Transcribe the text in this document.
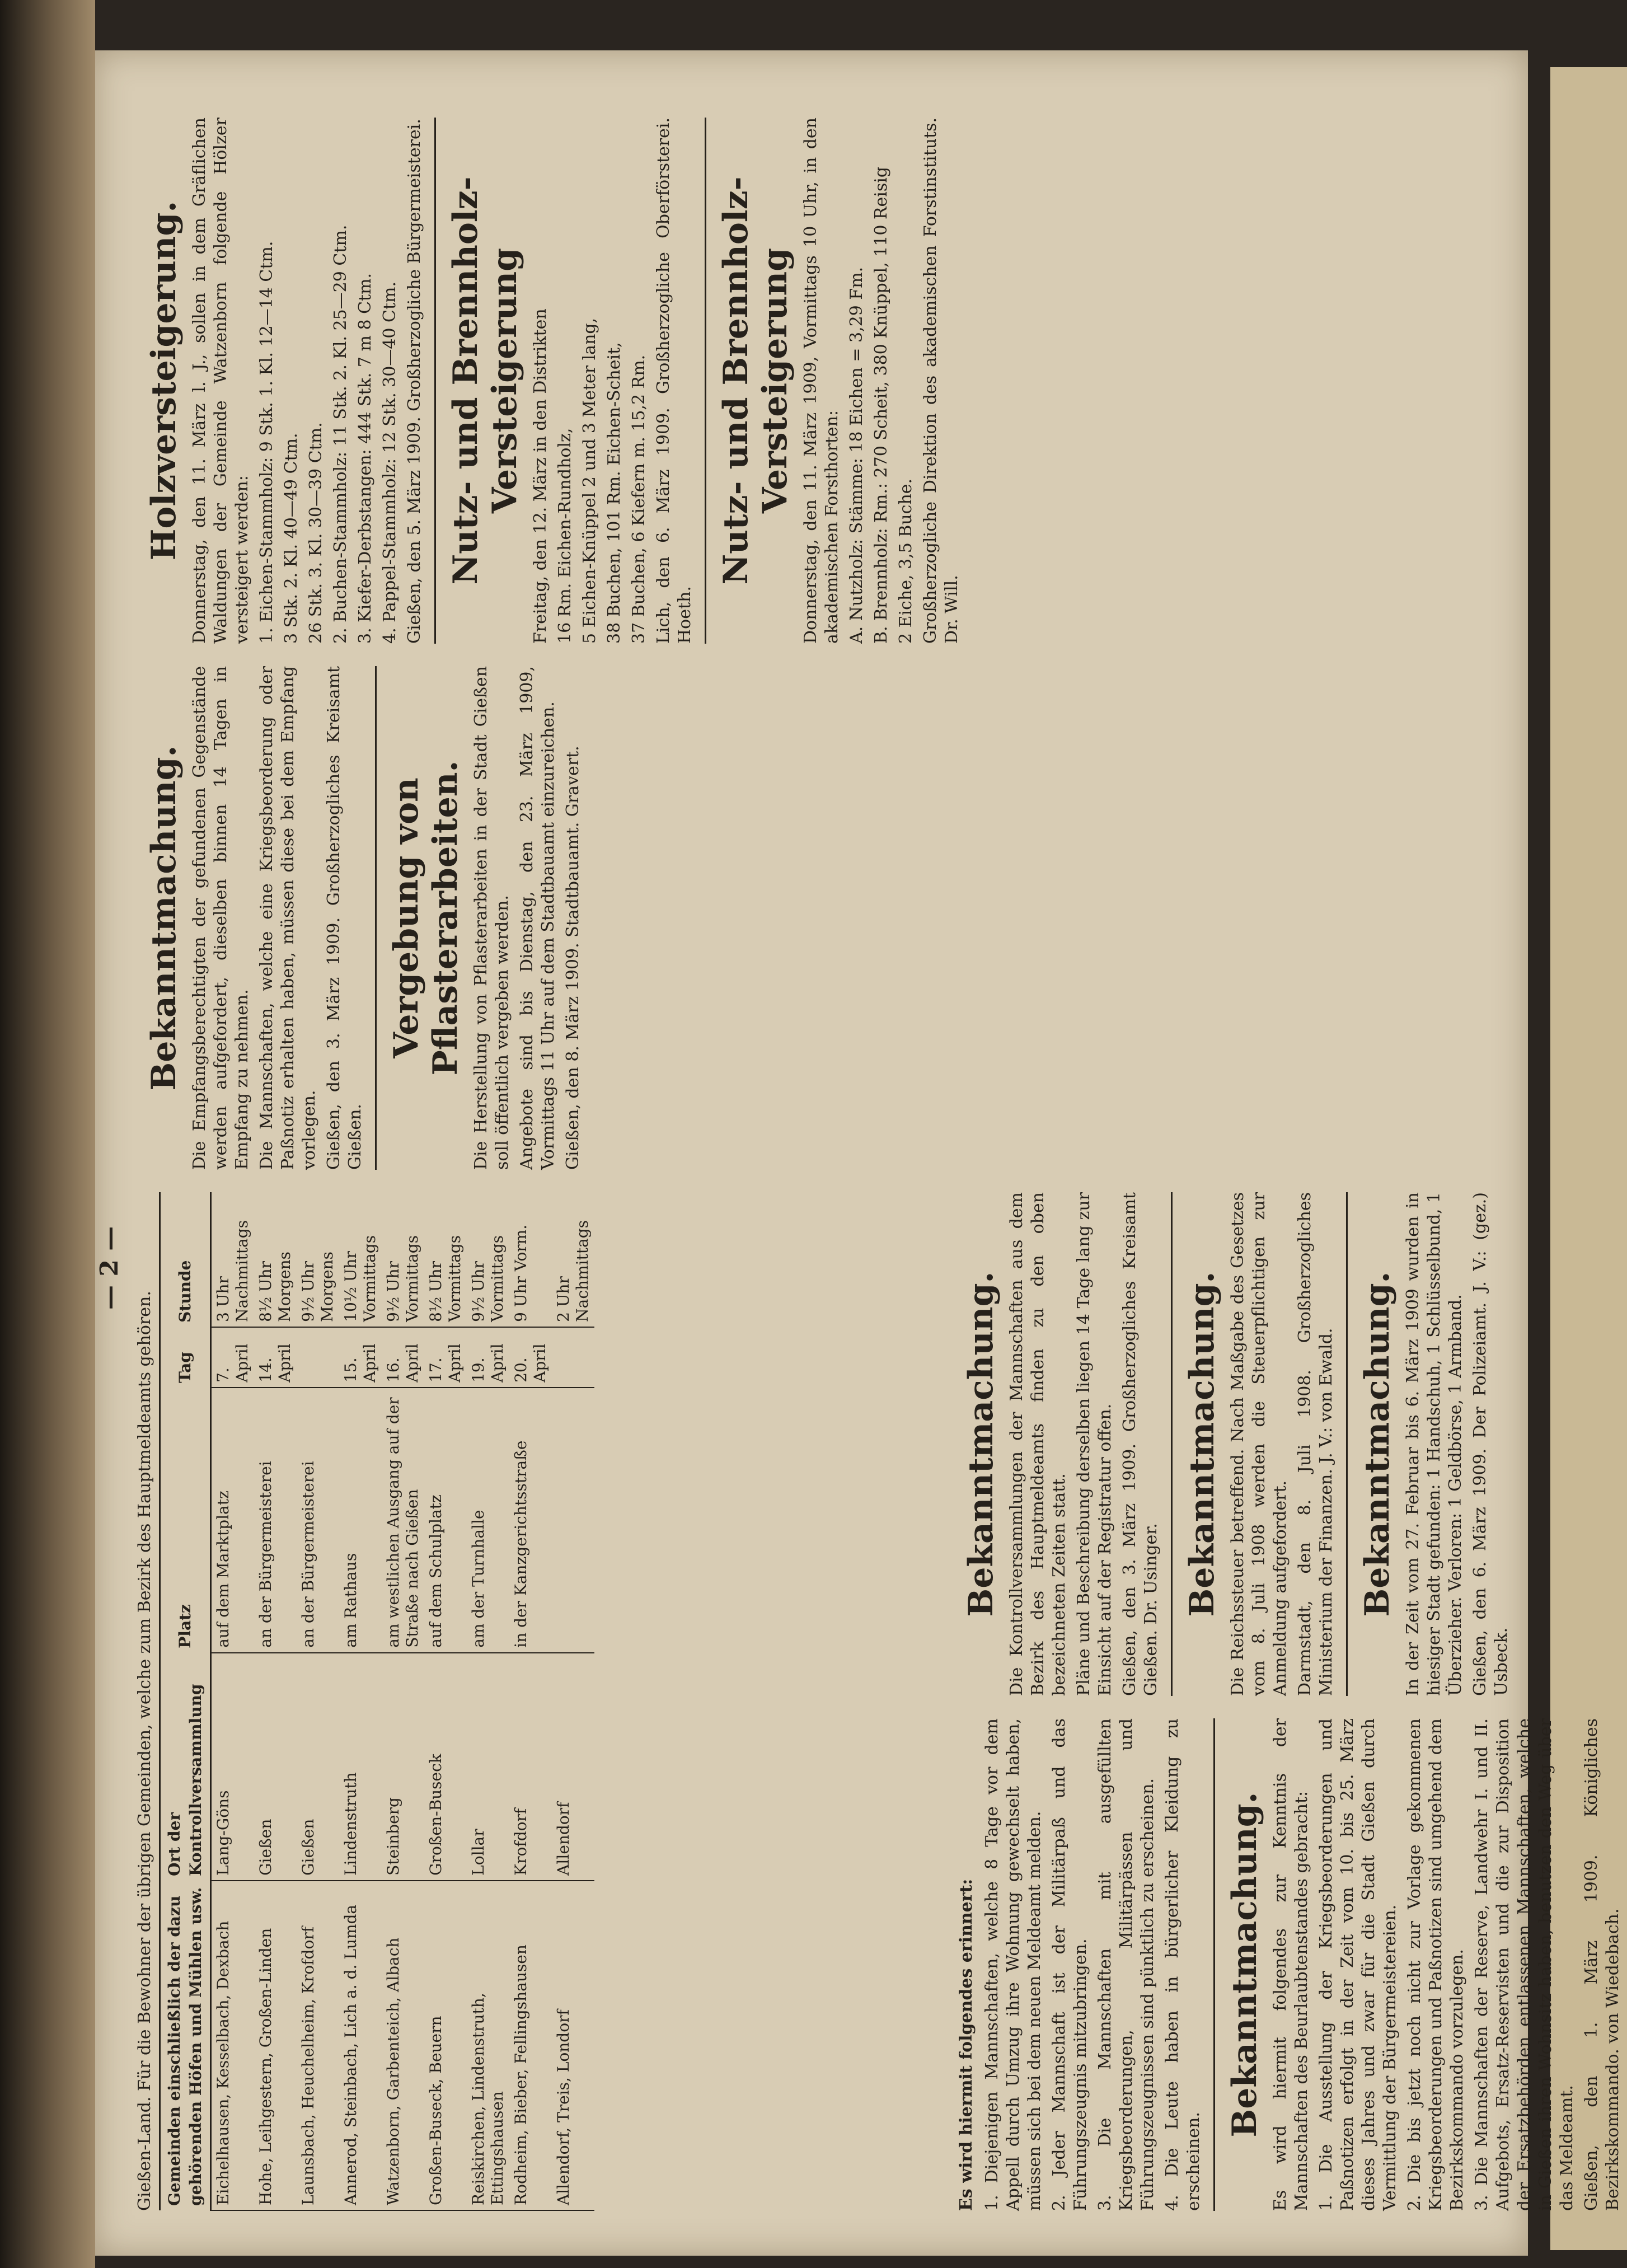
— 2 —

Gießen-Land. Für die Bewohner der übrigen Gemeinden, welche zum Bezirk des Hauptmeldeamts gehören. Gemeinden einschließlich der dazu gehörenden Höfen und Mühlen usw.	Ort der Kontrollversammlung	Platz	Tag	Stunde
Eichelhausen, Kesselbach, Dexbach	Lang-Göns	auf dem Marktplatz	7. April	3 Uhr Nachmittags
Hohe, Leihgestern, Großen-Linden	Gießen	an der Bürgermeisterei	14. April	8½ Uhr Morgens
Launsbach, Heuchelheim, Krofdorf	Gießen	an der Bürgermeisterei		9½ Uhr Morgens
Annerod, Steinbach, Lich a. d. Lumda	Lindenstruth	am Rathaus	15. April	10½ Uhr Vormittags
Watzenborn, Garbenteich, Albach	Steinberg	am westlichen Ausgang auf der Straße nach Gießen	16. April	9½ Uhr Vormittags
Großen-Buseck, Beuern	Großen-Buseck	auf dem Schulplatz	17. April	8½ Uhr Vormittags
Reiskirchen, Lindenstruth, Ettingshausen	Lollar	am der Turnhalle	19. April	9½ Uhr Vormittags
Rodheim, Bieber, Fellingshausen	Krofdorf	in der Kanzgerichtsstraße	20. April	9 Uhr Vorm.
Allendorf, Treis, Londorf	Allendorf			2 Uhr Nachmittags
Es wird hiermit folgendes erinnert: 1. Diejenigen Mannschaften, welche 8 Tage vor dem Appell durch Umzug ihre Wohnung gewechselt haben, müssen sich bei dem neuen Meldeamt melden. 2. Jeder Mannschaft ist der Militärpaß und das Führungszeugnis mitzubringen. 3. Die Mannschaften mit ausgefüllten Kriegsbeorderungen, Militärpässen und Führungszeugnissen sind pünktlich zu erscheinen. 4. Die Leute haben in bürgerlicher Kleidung zu erscheinen.

Bekanntmachung. Es wird hiermit folgendes zur Kenntnis der Mannschaften des Beurlaubtenstandes gebracht: 1. Die Ausstellung der Kriegsbeorderungen und Paßnotizen erfolgt in der Zeit vom 10. bis 25. März dieses Jahres und zwar für die Stadt Gießen durch Vermittlung der Bürgermeistereien. 2. Die bis jetzt noch nicht zur Vorlage gekommenen Kriegsbeorderungen und Paßnotizen sind umgehend dem Bezirkskommando vorzulegen. 3. Die Mannschaften der Reserve, Landwehr I. und II. Aufgebots, Ersatz-Reservisten und die zur Disposition der Ersatzbehörden entlassenen Mannschaften, welche in Gießen ihren Wohnsitz haben, benutzen den Weg über das Meldeamt. Gießen, den 1. März 1909. Königliches Bezirkskommando. von Wiedebach.

Bekanntmachung. Die Kontrollversammlungen der Mannschaften aus dem Bezirk des Hauptmeldeamts finden zu den oben bezeichneten Zeiten statt. Pläne und Beschreibung derselben liegen 14 Tage lang zur Einsicht auf der Registratur offen. Gießen, den 3. März 1909. Großherzogliches Kreisamt Gießen. Dr. Usinger. Bekanntmachung. Die Reichssteuer betreffend. Nach Maßgabe des Gesetzes vom 8. Juli 1908 werden die Steuerpflichtigen zur Anmeldung aufgefordert. Darmstadt, den 8. Juli 1908. Großherzogliches Ministerium der Finanzen. J. V.: von Ewald. Bekanntmachung. In der Zeit vom 27. Februar bis 6. März 1909 wurden in hiesiger Stadt gefunden: 1 Handschuh, 1 Schlüsselbund, 1 Überzieher. Verloren: 1 Geldbörse, 1 Armband. Gießen, den 6. März 1909. Der Polizeiamt. J. V.: (gez.) Usbeck.

Bekanntmachung. Die Empfangsberechtigten der gefundenen Gegenstände werden aufgefordert, dieselben binnen 14 Tagen in Empfang zu nehmen. Die Mannschaften, welche eine Kriegsbeorderung oder Paßnotiz erhalten haben, müssen diese bei dem Empfang vorlegen. Gießen, den 3. März 1909. Großherzogliches Kreisamt Gießen.

Vergebung von Pflasterarbeiten. Die Herstellung von Pflasterarbeiten in der Stadt Gießen soll öffentlich vergeben werden. Angebote sind bis Dienstag, den 23. März 1909, Vormittags 11 Uhr auf dem Stadtbauamt einzureichen. Gießen, den 8. März 1909. Stadtbauamt. Gravert.

Holzversteigerung. Donnerstag, den 11. März l. J., sollen in dem Gräflichen Waldungen der Gemeinde Watzenborn folgende Hölzer versteigert werden: 1. Eichen-Stammholz: 9 Stk. 1. Kl. 12—14 Ctm. 3 Stk. 2. Kl. 40—49 Ctm. 26 Stk. 3. Kl. 30—39 Ctm. 2. Buchen-Stammholz: 11 Stk. 2. Kl. 25—29 Ctm. 3. Kiefer-Derbstangen: 444 Stk. 7 m 8 Ctm. 4. Pappel-Stammholz: 12 Stk. 30—40 Ctm. Gießen, den 5. März 1909. Großherzogliche Bürgermeisterei. Nutz- und Brennholz-Versteigerung Freitag, den 12. März in den Distrikten 16 Rm. Eichen-Rundholz, 5 Eichen-Knüppel 2 und 3 Meter lang, 38 Buchen, 101 Rm. Eichen-Scheit, 37 Buchen, 6 Kiefern m. 15,2 Rm. Lich, den 6. März 1909. Großherzogliche Oberförsterei. Hoeth.

Nutz- und Brennholz-Versteigerung Donnerstag, den 11. März 1909, Vormittags 10 Uhr, in den akademischen Forsthorten: A. Nutzholz: Stämme: 18 Eichen = 3,29 Fm. B. Brennholz: Rm.: 270 Scheit, 380 Knüppel, 110 Reisig 2 Eiche, 3,5 Buche. Großherzogliche Direktion des akademischen Forstinstituts. Dr. Will.
